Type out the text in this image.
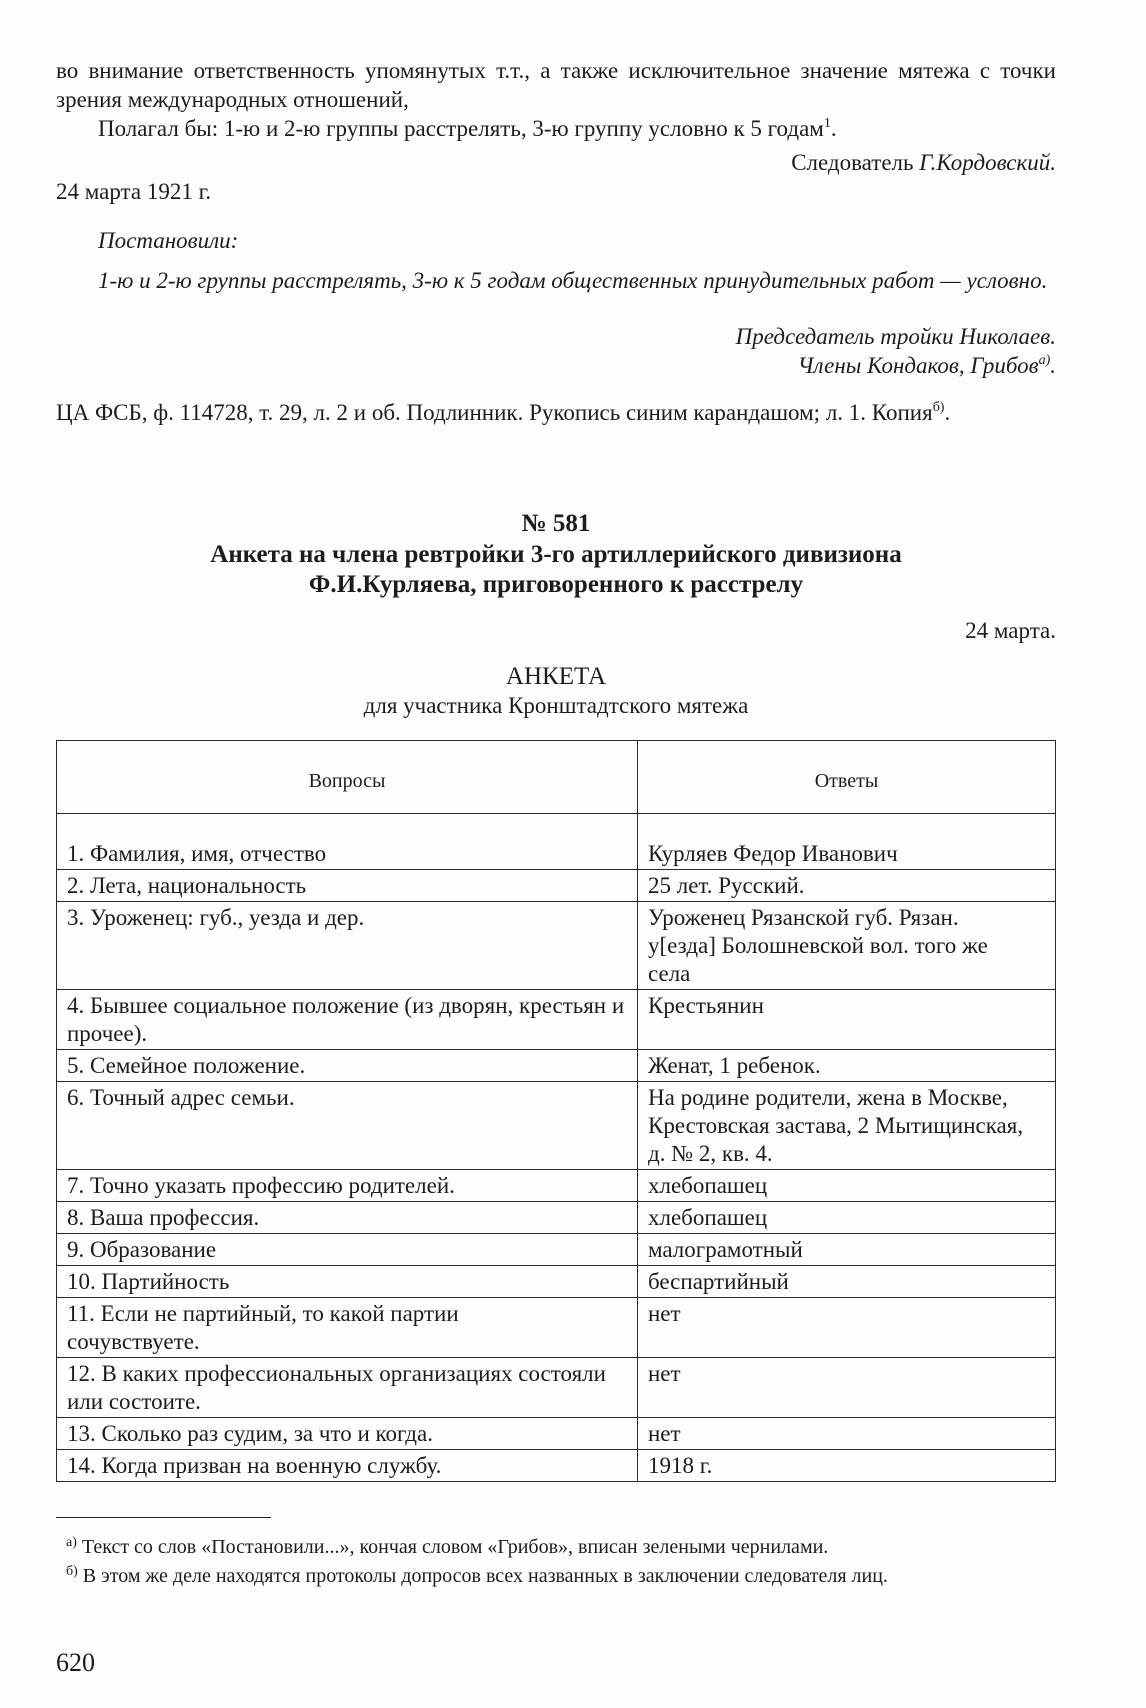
во внимание ответственность упомянутых т.т., а также исключительное значение мятежа с точки зрения международных отношений,

Полагал бы: 1-ю и 2-ю группы расстрелять, 3-ю группу условно к 5 годам$^1$.

Следователь Г.Кордовский.

24 марта 1921 г.

Постановили:

1-ю и 2-ю группы расстрелять, 3-ю к 5 годам общественных принудительных работ — условно.

Председатель тройки Николаев.

Члены Кондаков, Грибов$^{а)}$.

ЦА ФСБ, ф. 114728, т. 29, л. 2 и об. Подлинник. Рукопись синим карандашом; л. 1. Копия$^{б)}$.

№ 581

Анкета на члена ревтройки 3-го артиллерийского дивизиона

Ф.И.Курляева, приговоренного к расстрелу

24 марта.

АНКЕТА

для участника Кронштадтского мятежа

Вопросы	Ответы
1. Фамилия, имя, отчество	Курляев Федор Иванович
2. Лета, национальность	25 лет. Русский.
3. Уроженец: губ., уезда и дер.	Уроженец Рязанской губ. Рязан. у[езда] Болошневской вол. того же села
4. Бывшее социальное положение (из дворян, крестьян и прочее).	Крестьянин
5. Семейное положение.	Женат, 1 ребенок.
6. Точный адрес семьи.	На родине родители, жена в Москве, Крестовская застава, 2 Мытищинская, д. № 2, кв. 4.
7. Точно указать профессию родителей.	хлебопашец
8. Ваша профессия.	хлебопашец
9. Образование	малограмотный
10. Партийность	беспартийный
11. Если не партийный, то какой партии сочувствуете.	нет
12. В каких профессиональных организациях состояли или состоите.	нет
13. Сколько раз судим, за что и когда.	нет
14. Когда призван на военную службу.	1918 г.

$^{а)}$ Текст со слов «Постановили...», кончая словом «Грибов», вписан зелеными чернилами.

$^{б)}$ В этом же деле находятся протоколы допросов всех названных в заключении следователя лиц.

620
